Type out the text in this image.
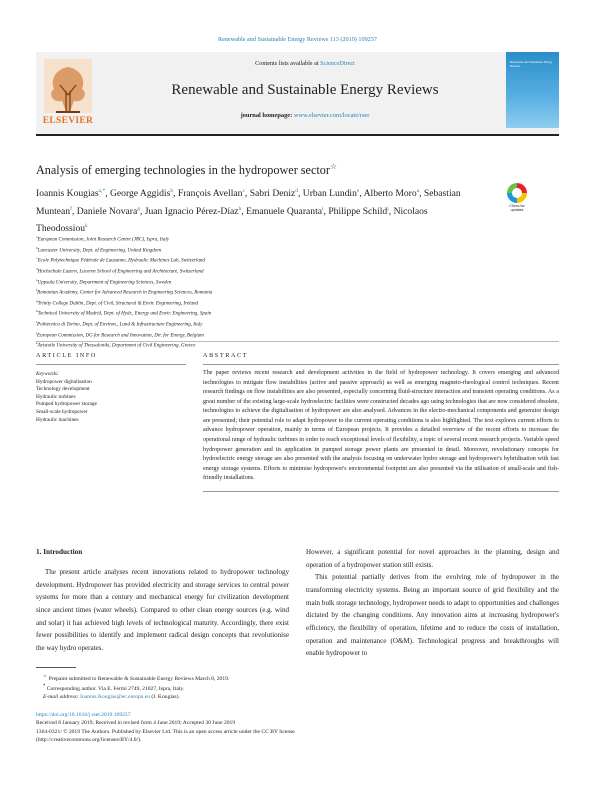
Renewable and Sustainable Energy Reviews 113 (2019) 109257
ELSEVIER
Contents lists available at ScienceDirect
Renewable and Sustainable Energy Reviews
journal homepage: www.elsevier.com/locate/rser
Renewable and Sustainable Energy Reviews
Analysis of emerging technologies in the hydropower sector☆
Ioannis Kougias$^{a,*}$, George Aggidis$^b$, François Avellan$^c$, Sabri Deniz$^d$, Urban Lundin$^e$, Alberto Moro$^a$, Sebastian Muntean$^f$, Daniele Novara$^g$, Juan Ignacio Pérez-Díaz$^h$, Emanuele Quaranta$^i$, Philippe Schild$^j$, Nicolaos Theodossiou$^k$
Check for updates
$^a$European Commission, Joint Research Centre (JRC), Ispra, Italy
$^b$Lancaster University, Dept. of Engineering, United Kingdom
$^c$Ecole Polytechnique Fédérale de Lausanne, Hydraulic Machines Lab, Switzerland
$^d$Hochschule Luzern, Lucerne School of Engineering and Architecture, Switzerland
$^e$Uppsala University, Department of Engineering Sciences, Sweden
$^f$Romanian Academy, Center for Advanced Research in Engineering Sciences, Romania
$^g$Trinity College Dublin, Dept. of Civil, Structural & Envir. Engineering, Ireland
$^h$Technical University of Madrid, Dept. of Hydr., Energy and Envir. Engineering, Spain
$^i$Politecnico di Torino, Dept. of Environ., Land & Infrastructure Engineering, Italy
$^j$European Commission, DG for Research and Innovation, Dir. for Energy, Belgium
$^k$Aristotle University of Thessaloniki, Department of Civil Engineering, Greece
ARTICLE INFO
Keywords:
Hydropower digitalisation
Technology development
Hydraulic turbines
Pumped hydropower storage
Small-scale hydropower
Hydraulic machines
ABSTRACT
The paper reviews recent research and development activities in the field of hydropower technology. It covers emerging and advanced technologies to mitigate flow instabilities (active and passive approach) as well as emerging magneto-rheological control techniques. Recent research findings on flow instabilities are also presented, especially concerning fluid-structure interaction and transient operating conditions. As a great number of the existing large-scale hydroelectric facilities were constructed decades ago using technologies that are now considered obsolete, technologies to achieve the digitalisation of hydropower are also analysed. Advances in the electro-mechanical components and generator design are presented; their potential role to adapt hydropower to the current operating conditions is also highlighted. The text explores current efforts to advance hydropower operation, mainly in terms of European projects. It provides a detailed overview of the recent efforts to increase the operational range of hydraulic turbines in order to reach exceptional levels of flexibility, a topic of several recent research projects. Variable speed hydropower generation and its application in pumped storage power plants are presented in detail. Moreover, revolutionary concepts for hydroelectric energy storage are also presented with the analysis focusing on underwater hydro storage and hydropower's hybridisation with fast energy storage systems. Efforts to minimise hydropower's environmental footprint are also presented via the utilisation of small-scale and fish-friendly installations.
1. Introduction
The present article analyses recent innovations related to hydropower technology development. Hydropower has provided electricity and storage services to central power systems for more than a century and mechanical energy for civilization development since ancient times (water wheels). Compared to other clean energy sources (e.g. wind and solar) it has achieved high levels of technological maturity. Accordingly, there exist fewer possibilities to identify and implement radical design concepts that revolutionise the way hydro operates.

However, a significant potential for novel approaches in the planning, design and operation of a hydropower station still exists.

This potential partially derives from the evolving role of hydropower in the transforming electricity systems. Being an important source of grid flexibility and the main bulk storage technology, hydropower needs to adapt to opportunities and challenges dictated by the changing conditions. Any innovation aims at increasing hydropower's efficiency, the flexibility of operation, lifetime and to reduce the costs of installation, operation and maintenance (O&M). Technological progress and breakthroughs will enable hydropower to

☆ Prepaint submitted to Renewable & Sustainable Energy Reviews March 8, 2019.
* Corresponding author. Via E. Fermi 2749, 21027, Ispra, Italy.
E-mail address: Ioannis.Kougias@ec.europa.eu (I. Kougias).
https://doi.org/10.1016/j.rser.2019.109257
Received 8 January 2019; Received in revised form 4 June 2019; Accepted 30 June 2019
1364-0321/ © 2019 The Authors. Published by Elsevier Ltd. This is an open access article under the CC BY license
(http://creativecommons.org/licenses/BY/4.0/).
